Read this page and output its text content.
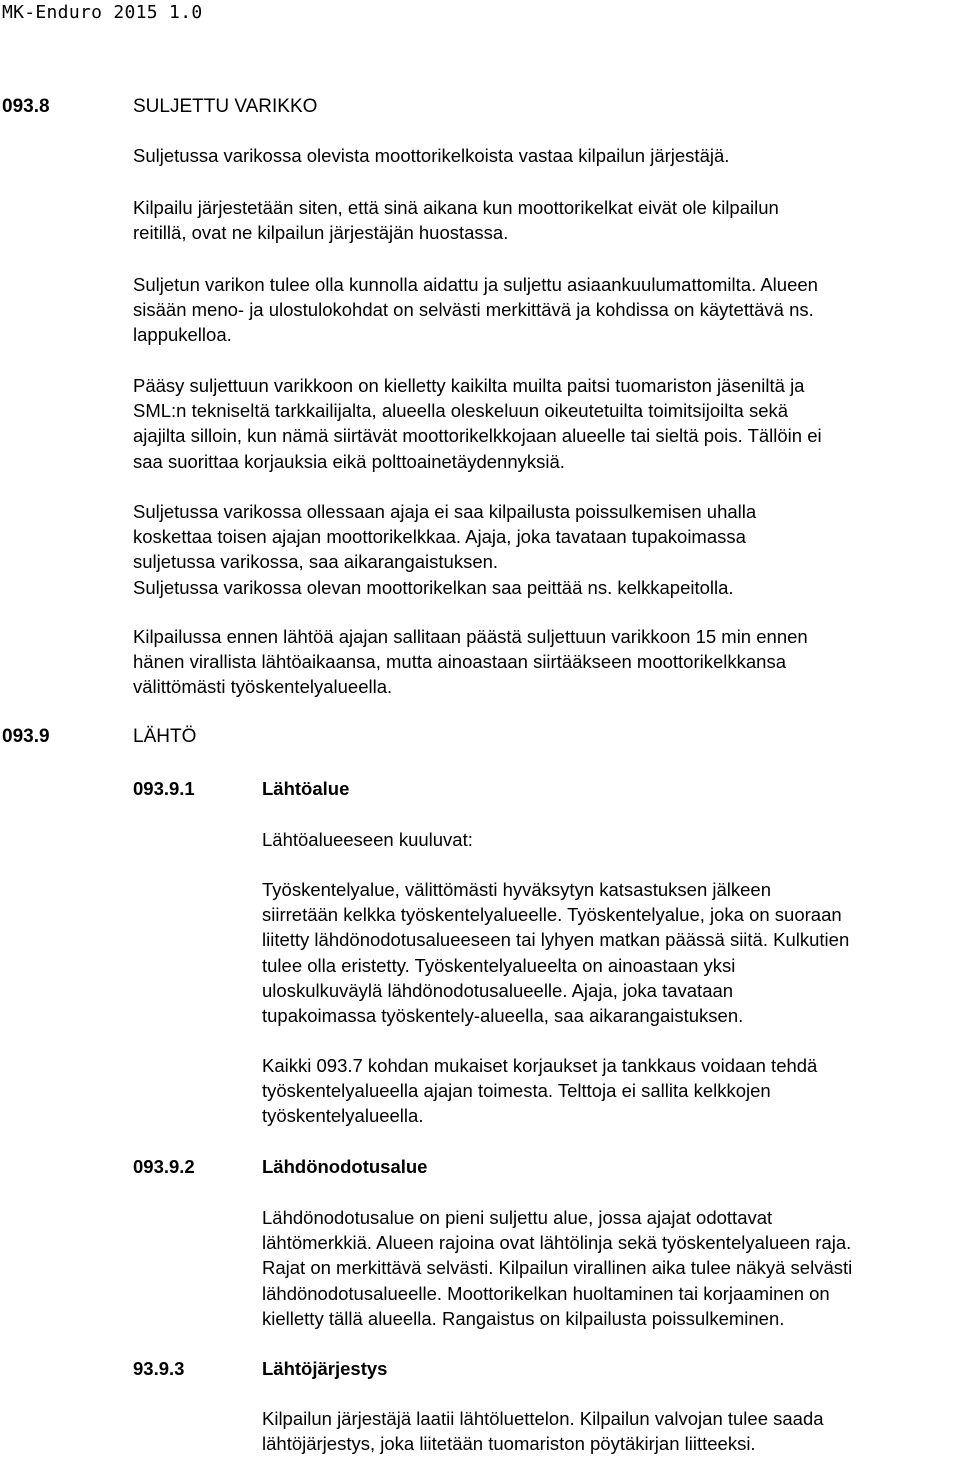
MK-Enduro 2015 1.0
093.8	SULJETTU VARIKKO
Suljetussa varikossa olevista moottorikelkoista vastaa kilpailun järjestäjä.
Kilpailu järjestetään siten, että sinä aikana kun moottorikelkat eivät ole kilpailun
reitillä, ovat ne kilpailun järjestäjän huostassa.
Suljetun varikon tulee olla kunnolla aidattu ja suljettu asiaankuulumattomilta. Alueen
sisään meno- ja ulostulokohdat on selvästi merkittävä ja kohdissa on käytettävä ns.
lappukelloa.
Pääsy suljettuun varikkoon on kielletty kaikilta muilta paitsi tuomariston jäseniltä ja
SML:n tekniseltä tarkkailijalta, alueella oleskeluun oikeutetuilta toimitsijoilta sekä
ajajilta silloin, kun nämä siirtävät moottorikelkkojaan alueelle tai sieltä pois. Tällöin ei
saa suorittaa korjauksia eikä polttoainetäydennyksiä.
Suljetussa varikossa ollessaan ajaja ei saa kilpailusta poissulkemisen uhalla
koskettaa toisen ajajan moottorikelkkaa. Ajaja, joka tavataan tupakoimassa
suljetussa varikossa, saa aikarangaistuksen.
Suljetussa varikossa olevan moottorikelkan saa peittää ns. kelkkapeitolla.
Kilpailussa ennen lähtöä ajajan sallitaan päästä suljettuun varikkoon 15 min ennen
hänen virallista lähtöaikaansa, mutta ainoastaan siirtääkseen moottorikelkkansa
välittömästi työskentelyalueella.
093.9	LÄHTÖ
093.9.1	Lähtöalue
Lähtöalueeseen kuuluvat:
Työskentelyalue, välittömästi hyväksytyn katsastuksen jälkeen
siirretään kelkka työskentelyalueelle. Työskentelyalue, joka on suoraan
liitetty lähdönodotusalueeseen tai lyhyen matkan päässä siitä. Kulkutien
tulee olla eristetty. Työskentelyalueelta on ainoastaan yksi
uloskulkuväylä lähdönodotusalueelle. Ajaja, joka tavataan
tupakoimassa työskentely-alueella, saa aikarangaistuksen.
Kaikki 093.7 kohdan mukaiset korjaukset ja tankkaus voidaan tehdä
työskentelyalueella ajajan toimesta. Telttoja ei sallita kelkkojen
työskentelyalueella.
093.9.2	Lähdönodotusalue
Lähdönodotusalue on pieni suljettu alue, jossa ajajat odottavat
lähtömerkkiä. Alueen rajoina ovat lähtölinja sekä työskentelyalueen raja.
Rajat on merkittävä selvästi. Kilpailun virallinen aika tulee näkyä selvästi
lähdönodotusalueelle. Moottorikelkan huoltaminen tai korjaaminen on
kielletty tällä alueella. Rangaistus on kilpailusta poissulkeminen.
93.9.3	Lähtöjärjestys
Kilpailun järjestäjä laatii lähtöluettelon. Kilpailun valvojan tulee saada
lähtöjärjestys, joka liitetään tuomariston pöytäkirjan liitteeksi.
